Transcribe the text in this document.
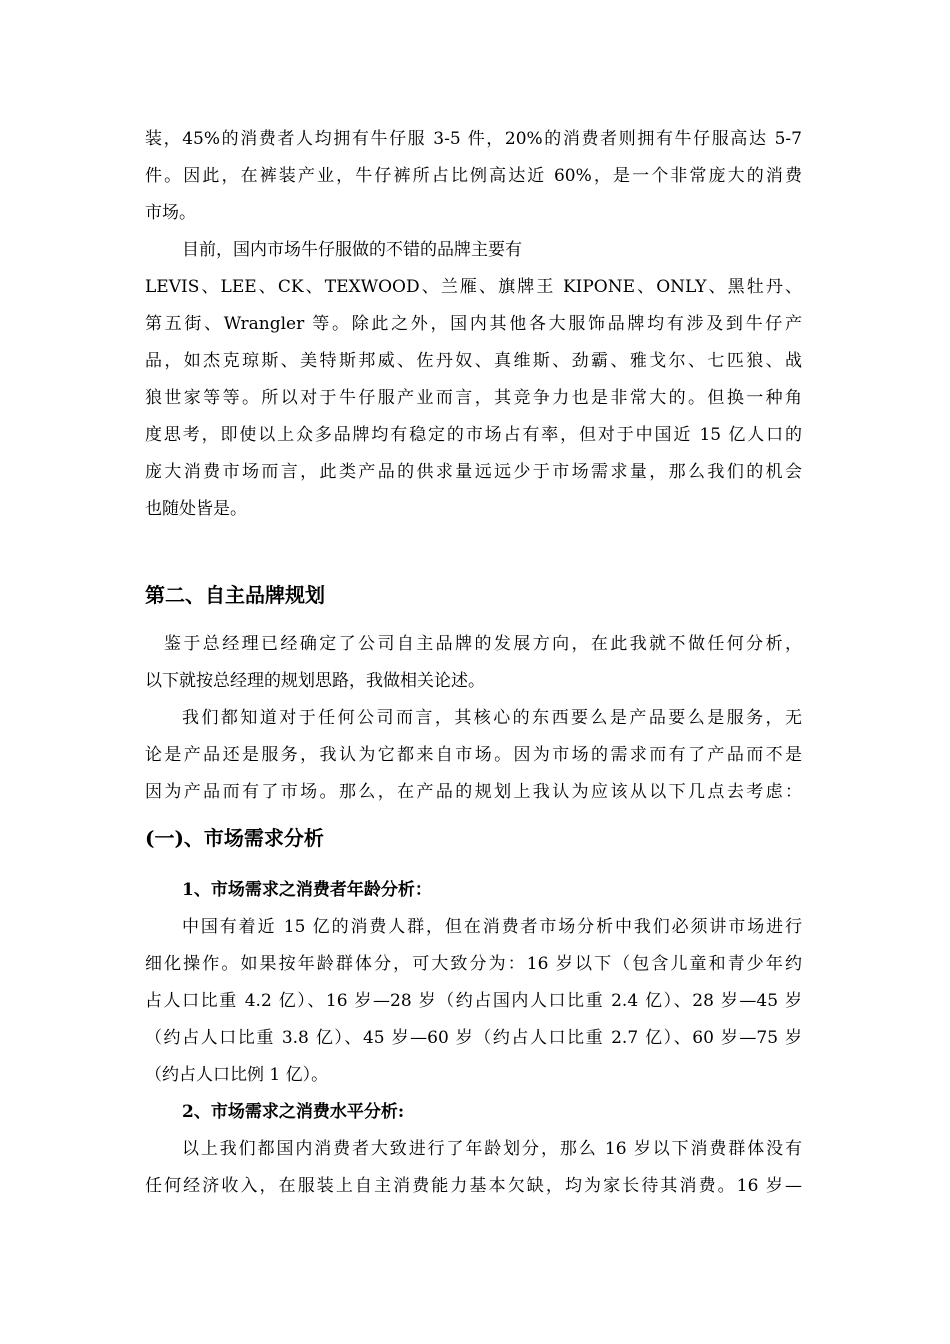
装，45%的消费者人均拥有牛仔服 3-5 件，20%的消费者则拥有牛仔服高达 5-7
件。因此，在裤装产业，牛仔裤所占比例高达近 60%，是一个非常庞大的消费
市场。
目前，国内市场牛仔服做的不错的品牌主要有
LEVIS、LEE、CK、TEXWOOD、兰雁、旗牌王 KIPONE、ONLY、黑牡丹、
第五街、Wrangler 等。除此之外，国内其他各大服饰品牌均有涉及到牛仔产
品，如杰克琼斯、美特斯邦威、佐丹奴、真维斯、劲霸、雅戈尔、七匹狼、战
狼世家等等。所以对于牛仔服产业而言，其竞争力也是非常大的。但换一种角
度思考，即使以上众多品牌均有稳定的市场占有率，但对于中国近 15 亿人口的
庞大消费市场而言，此类产品的供求量远远少于市场需求量，那么我们的机会
也随处皆是。
第二、自主品牌规划
鉴于总经理已经确定了公司自主品牌的发展方向，在此我就不做任何分析，
以下就按总经理的规划思路，我做相关论述。
我们都知道对于任何公司而言，其核心的东西要么是产品要么是服务，无
论是产品还是服务，我认为它都来自市场。因为市场的需求而有了产品而不是
因为产品而有了市场。那么，在产品的规划上我认为应该从以下几点去考虑：
(一)、市场需求分析
1、市场需求之消费者年龄分析：
中国有着近 15 亿的消费人群，但在消费者市场分析中我们必须讲市场进行
细化操作。如果按年龄群体分，可大致分为：16 岁以下（包含儿童和青少年约
占人口比重 4.2 亿）、16 岁—28 岁（约占国内人口比重 2.4 亿）、28 岁—45 岁
（约占人口比重 3.8 亿）、45 岁—60 岁（约占人口比重 2.7 亿）、60 岁—75 岁
（约占人口比例 1 亿）。
2、市场需求之消费水平分析:
以上我们都国内消费者大致进行了年龄划分，那么 16 岁以下消费群体没有
任何经济收入，在服装上自主消费能力基本欠缺，均为家长待其消费。16 岁—
